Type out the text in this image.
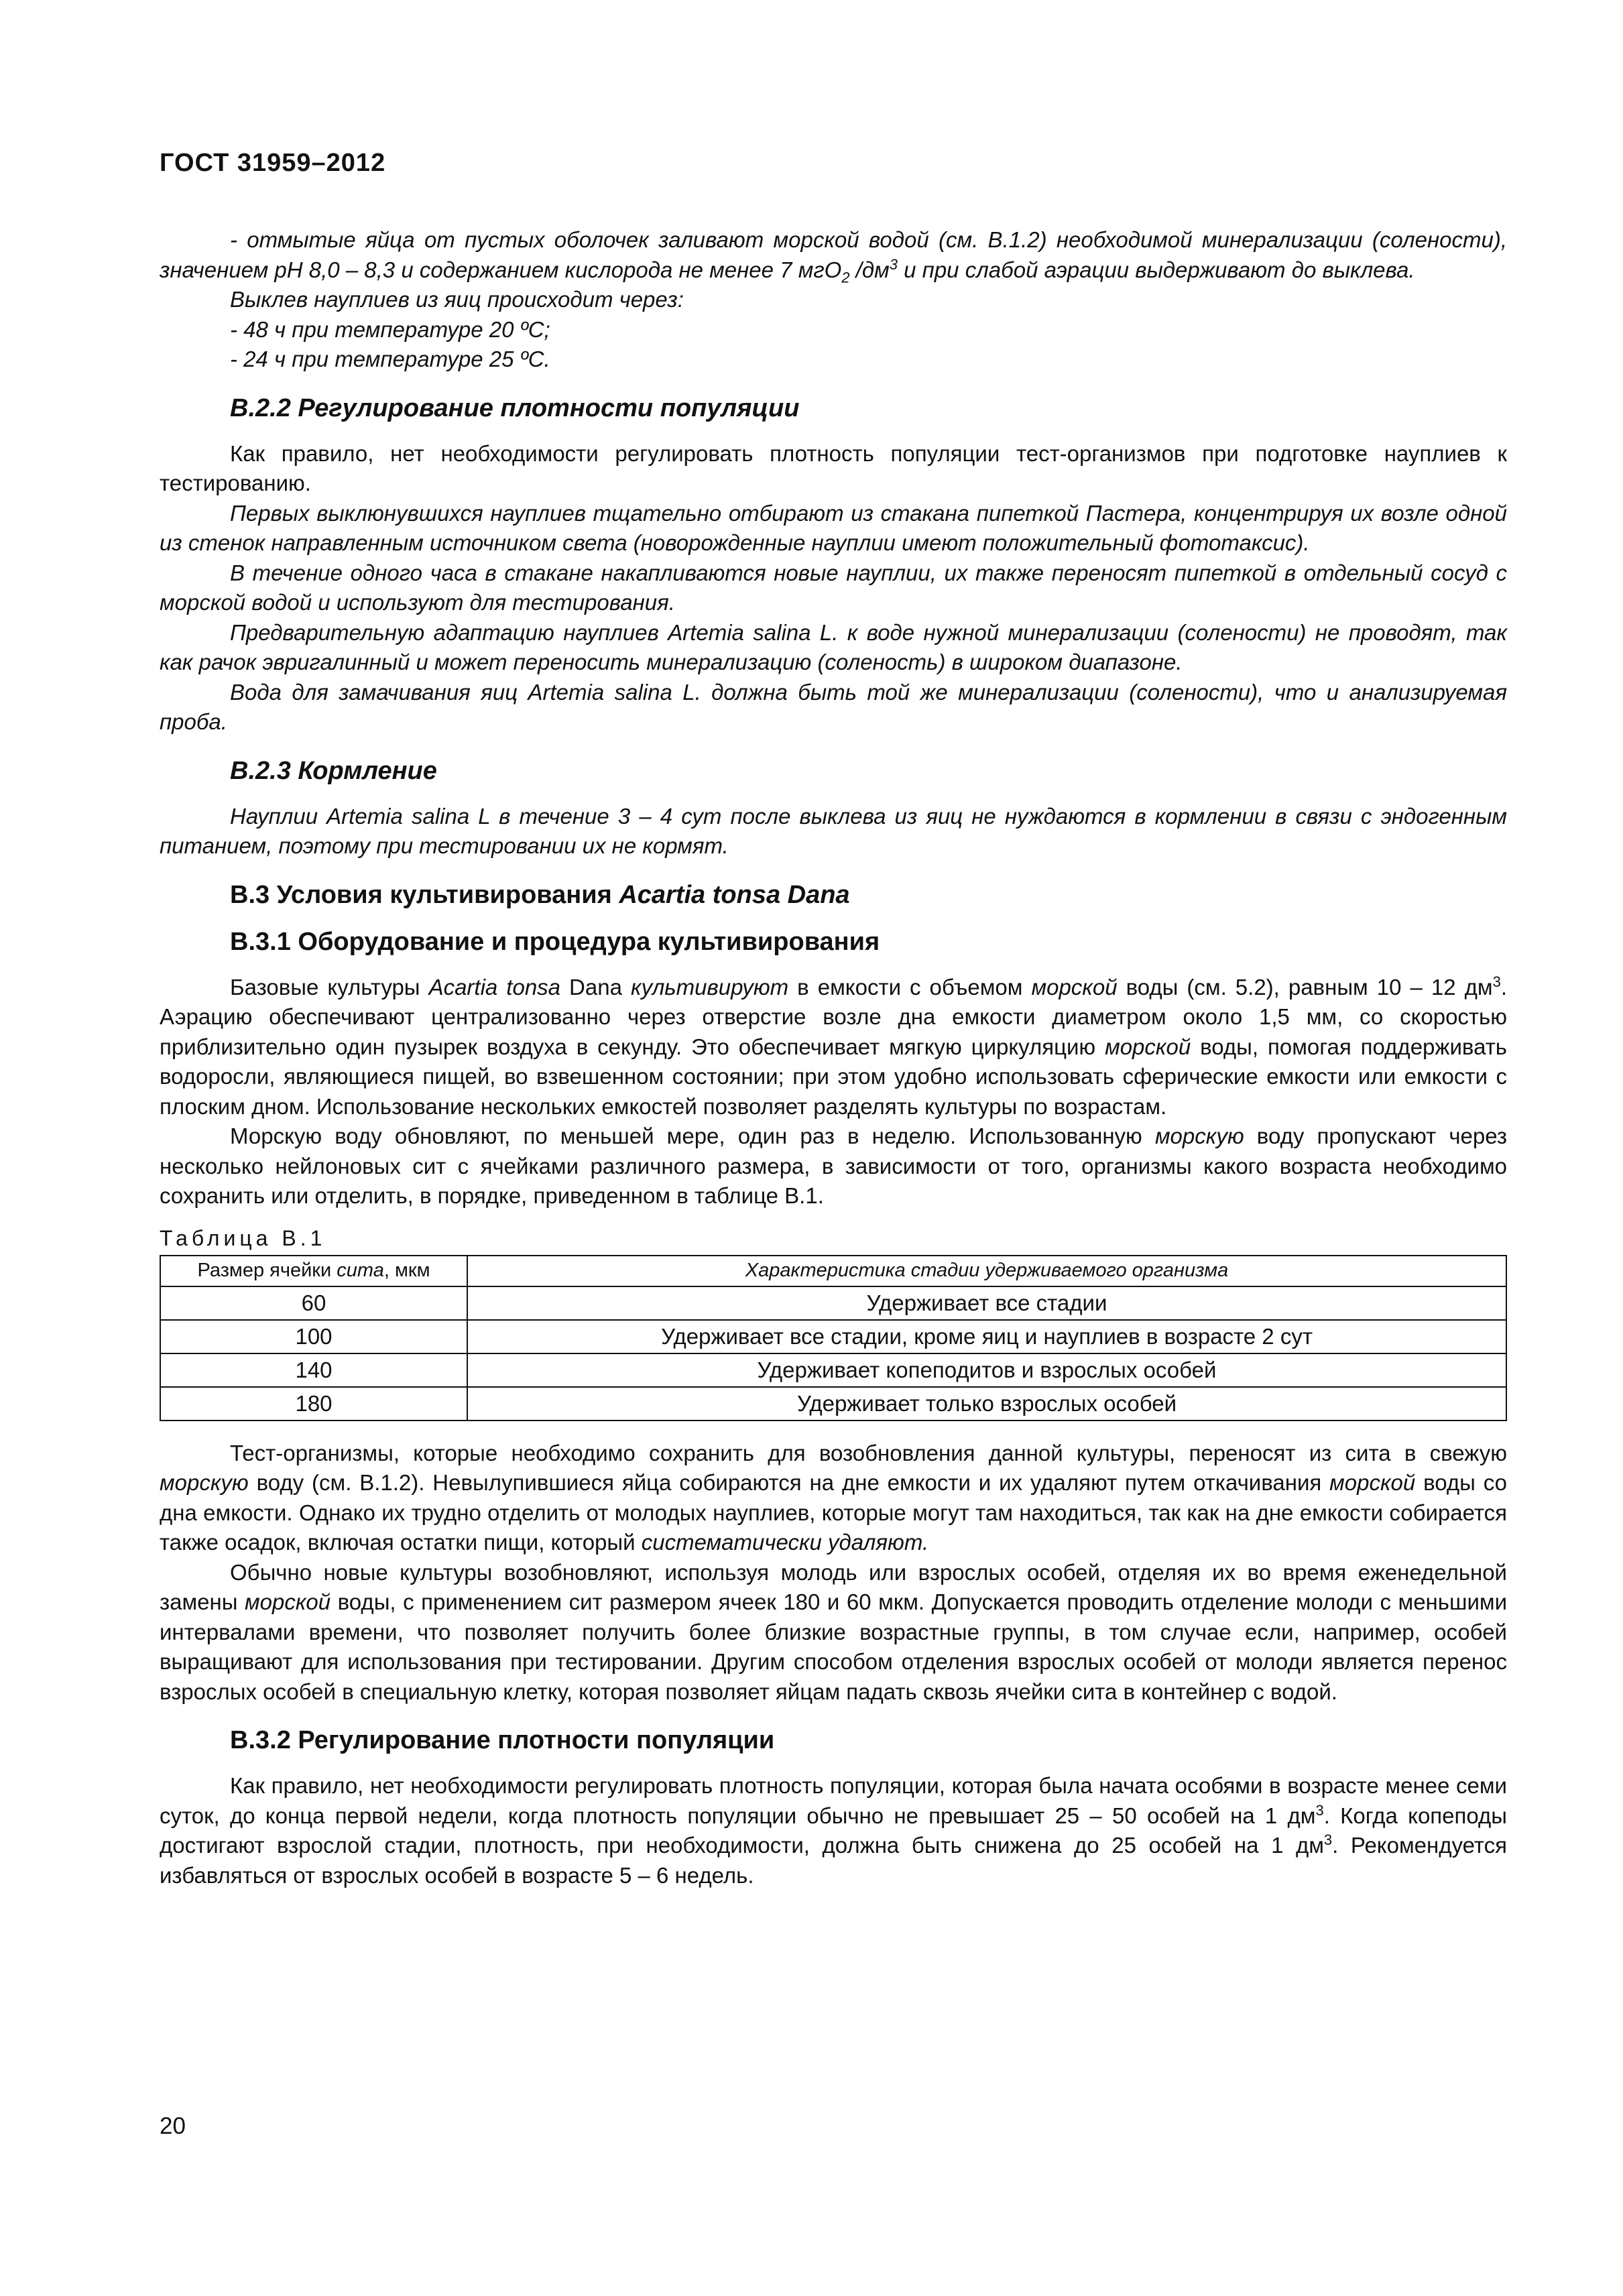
ГОСТ 31959–2012

- отмытые яйца от пустых оболочек заливают морской водой (см. В.1.2) необходимой минерализации (солености), значением pH 8,0 – 8,3 и содержанием кислорода не менее 7 мгО$_2$ $/дм^3$ и при слабой аэрации выдерживают до выклева.

Выклев науплиев из яиц происходит через:

- 48 ч при температуре 20 ºС;

- 24 ч при температуре 25 ºС.

В.2.2 Регулирование плотности популяции

Как правило, нет необходимости регулировать плотность популяции тест-организмов при подготовке науплиев к тестированию.

Первых выклюнувшихся науплиев тщательно отбирают из стакана пипеткой Пастера, концентрируя их возле одной из стенок направленным источником света (новорожденные науплии имеют положительный фототаксис).

В течение одного часа в стакане накапливаются новые науплии, их также переносят пипеткой в отдельный сосуд с морской водой и используют для тестирования.

Предварительную адаптацию науплиев Artemia salina L. к воде нужной минерализации (солености) не проводят, так как рачок эвригалинный и может переносить минерализацию (соленость) в широком диапазоне.

Вода для замачивания яиц Artemia salina L. должна быть той же минерализации (солености), что и анализируемая проба.

В.2.3 Кормление

Науплии Artemia salina L в течение 3 – 4 сут после выклева из яиц не нуждаются в кормлении в связи с эндогенным питанием, поэтому при тестировании их не кормят.

В.3 Условия культивирования Acartia tonsa Dana
В.3.1 Оборудование и процедура культивирования

Базовые культуры Acartia tonsa Dana культивируют в емкости с объемом морской воды (см. 5.2), равным 10 – 12 $дм^3$. Аэрацию обеспечивают централизованно через отверстие возле дна емкости диаметром около 1,5 мм, со скоростью приблизительно один пузырек воздуха в секунду. Это обеспечивает мягкую циркуляцию морской воды, помогая поддерживать водоросли, являющиеся пищей, во взвешенном состоянии; при этом удобно использовать сферические емкости или емкости с плоским дном. Использование нескольких емкостей позволяет разделять культуры по возрастам.

Морскую воду обновляют, по меньшей мере, один раз в неделю. Использованную морскую воду пропускают через несколько нейлоновых сит с ячейками различного размера, в зависимости от того, организмы какого возраста необходимо сохранить или отделить, в порядке, приведенном в таблице В.1.

Таблица В.1
Размер ячейки сита, мкм	Характеристика стадии удерживаемого организма
60	Удерживает все стадии
100	Удерживает все стадии, кроме яиц и науплиев в возрасте 2 сут
140	Удерживает копеподитов и взрослых особей
180	Удерживает только взрослых особей

Тест-организмы, которые необходимо сохранить для возобновления данной культуры, переносят из сита в свежую морскую воду (см. В.1.2). Невылупившиеся яйца собираются на дне емкости и их удаляют путем откачивания морской воды со дна емкости. Однако их трудно отделить от молодых науплиев, которые могут там находиться, так как на дне емкости собирается также осадок, включая остатки пищи, который систематически удаляют.

Обычно новые культуры возобновляют, используя молодь или взрослых особей, отделяя их во время еженедельной замены морской воды, с применением сит размером ячеек 180 и 60 мкм. Допускается проводить отделение молоди с меньшими интервалами времени, что позволяет получить более близкие возрастные группы, в том случае если, например, особей выращивают для использования при тестировании. Другим способом отделения взрослых особей от молоди является перенос взрослых особей в специальную клетку, которая позволяет яйцам падать сквозь ячейки сита в контейнер с водой.

В.3.2 Регулирование плотности популяции

Как правило, нет необходимости регулировать плотность популяции, которая была начата особями в возрасте менее семи суток, до конца первой недели, когда плотность популяции обычно не превышает 25 – 50 особей на 1 $дм^3$. Когда копеподы достигают взрослой стадии, плотность, при необходимости, должна быть снижена до 25 особей на 1 $дм^3$. Рекомендуется избавляться от взрослых особей в возрасте 5 – 6 недель.

20
